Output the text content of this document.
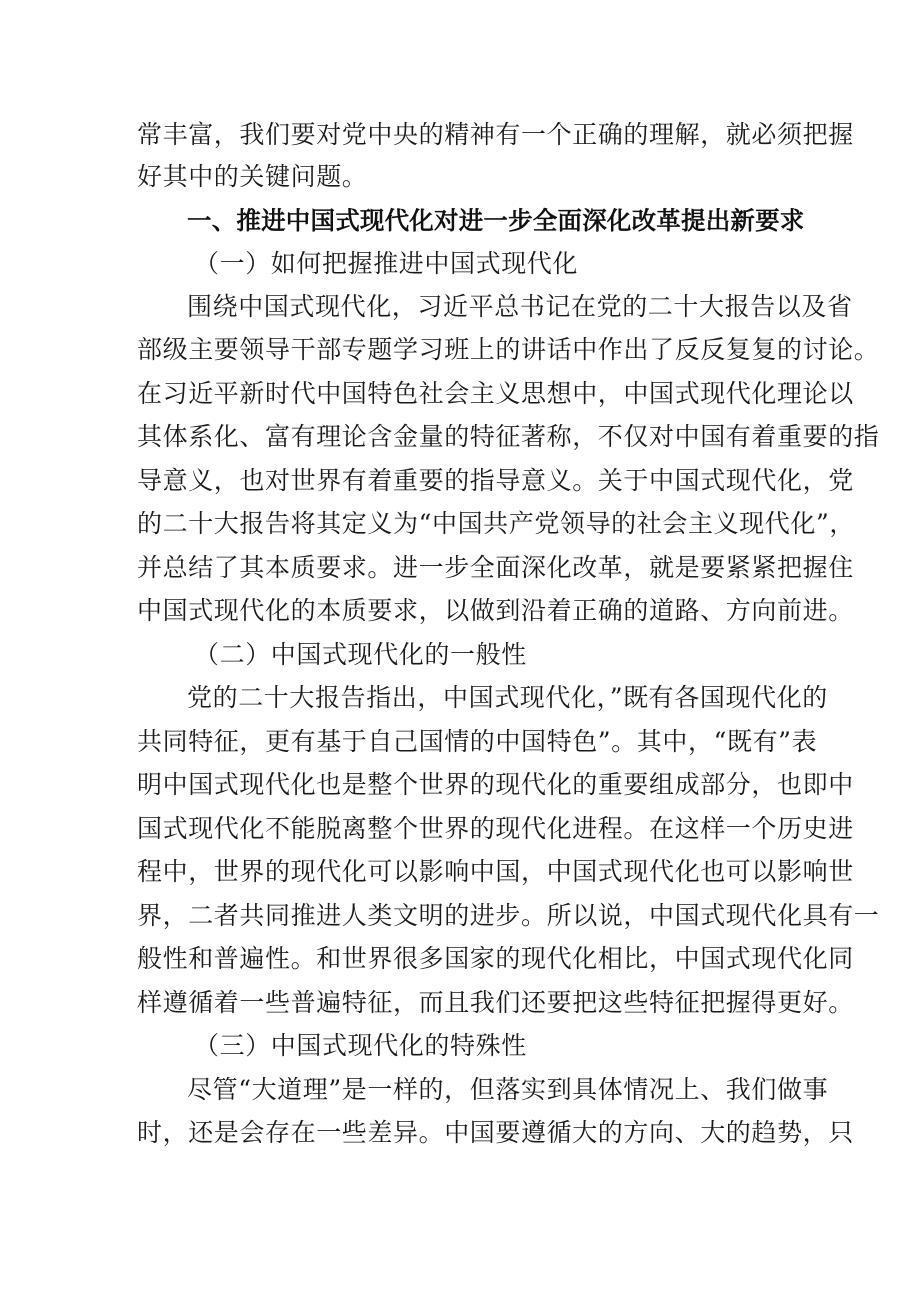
常丰富，我们要对党中央的精神有一个正确的理解，就必须把握
好其中的关键问题。
一、推进中国式现代化对进一步全面深化改革提出新要求
（一）如何把握推进中国式现代化
围绕中国式现代化，习近平总书记在党的二十大报告以及省
部级主要领导干部专题学习班上的讲话中作出了反反复复的讨论。
在习近平新时代中国特色社会主义思想中，中国式现代化理论以
其体系化、富有理论含金量的特征著称，不仅对中国有着重要的指
导意义，也对世界有着重要的指导意义。关于中国式现代化，党
的二十大报告将其定义为“中国共产党领导的社会主义现代化”，
并总结了其本质要求。进一步全面深化改革，就是要紧紧把握住
中国式现代化的本质要求，以做到沿着正确的道路、方向前进。
（二）中国式现代化的一般性
党的二十大报告指出，中国式现代化，”既有各国现代化的
共同特征，更有基于自己国情的中国特色”。其中，“既有”表
明中国式现代化也是整个世界的现代化的重要组成部分，也即中
国式现代化不能脱离整个世界的现代化进程。在这样一个历史进
程中，世界的现代化可以影响中国，中国式现代化也可以影响世
界，二者共同推进人类文明的进步。所以说，中国式现代化具有一
般性和普遍性。和世界很多国家的现代化相比，中国式现代化同
样遵循着一些普遍特征，而且我们还要把这些特征把握得更好。
（三）中国式现代化的特殊性
尽管“大道理”是一样的，但落实到具体情况上、我们做事
时，还是会存在一些差异。中国要遵循大的方向、大的趋势，只
